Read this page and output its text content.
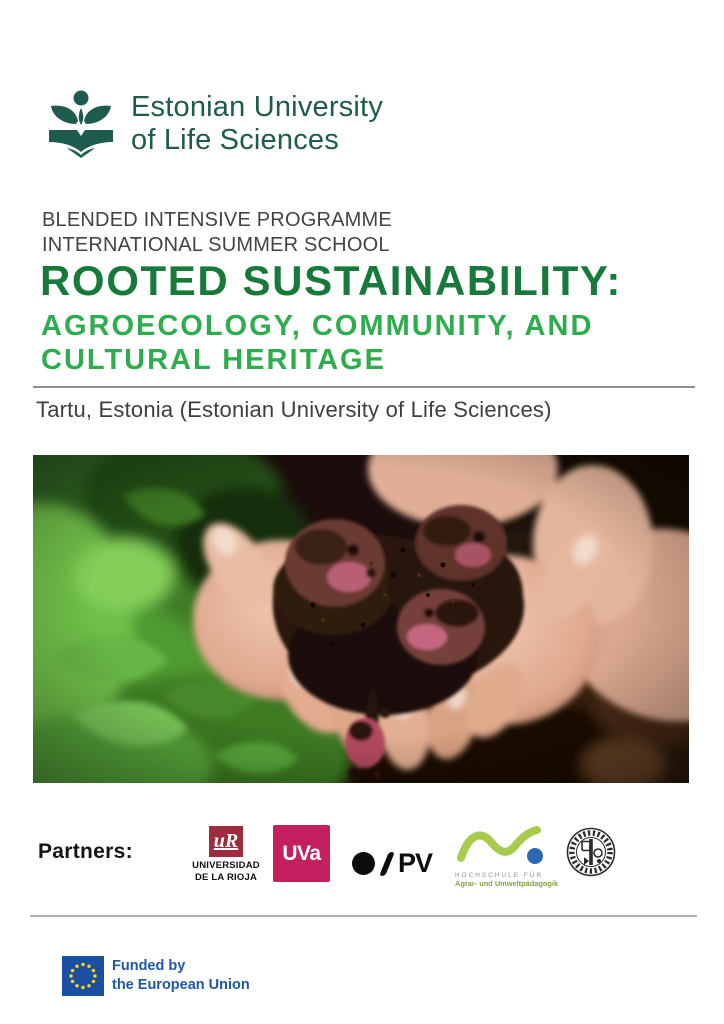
Estonian University
of Life Sciences
BLENDED INTENSIVE PROGRAMME
INTERNATIONAL SUMMER SCHOOL
ROOTED SUSTAINABILITY:
AGROECOLOGY, COMMUNITY, AND
CULTURAL HERITAGE
Tartu, Estonia (Estonian University of Life Sciences)
Partners:	uR
UNIVERSIDAD
DE LA RIOJA
UVa	PV	HOCHSCHULE FÜR
Agrar- und Umweltpädagogik
Funded by
the European Union
